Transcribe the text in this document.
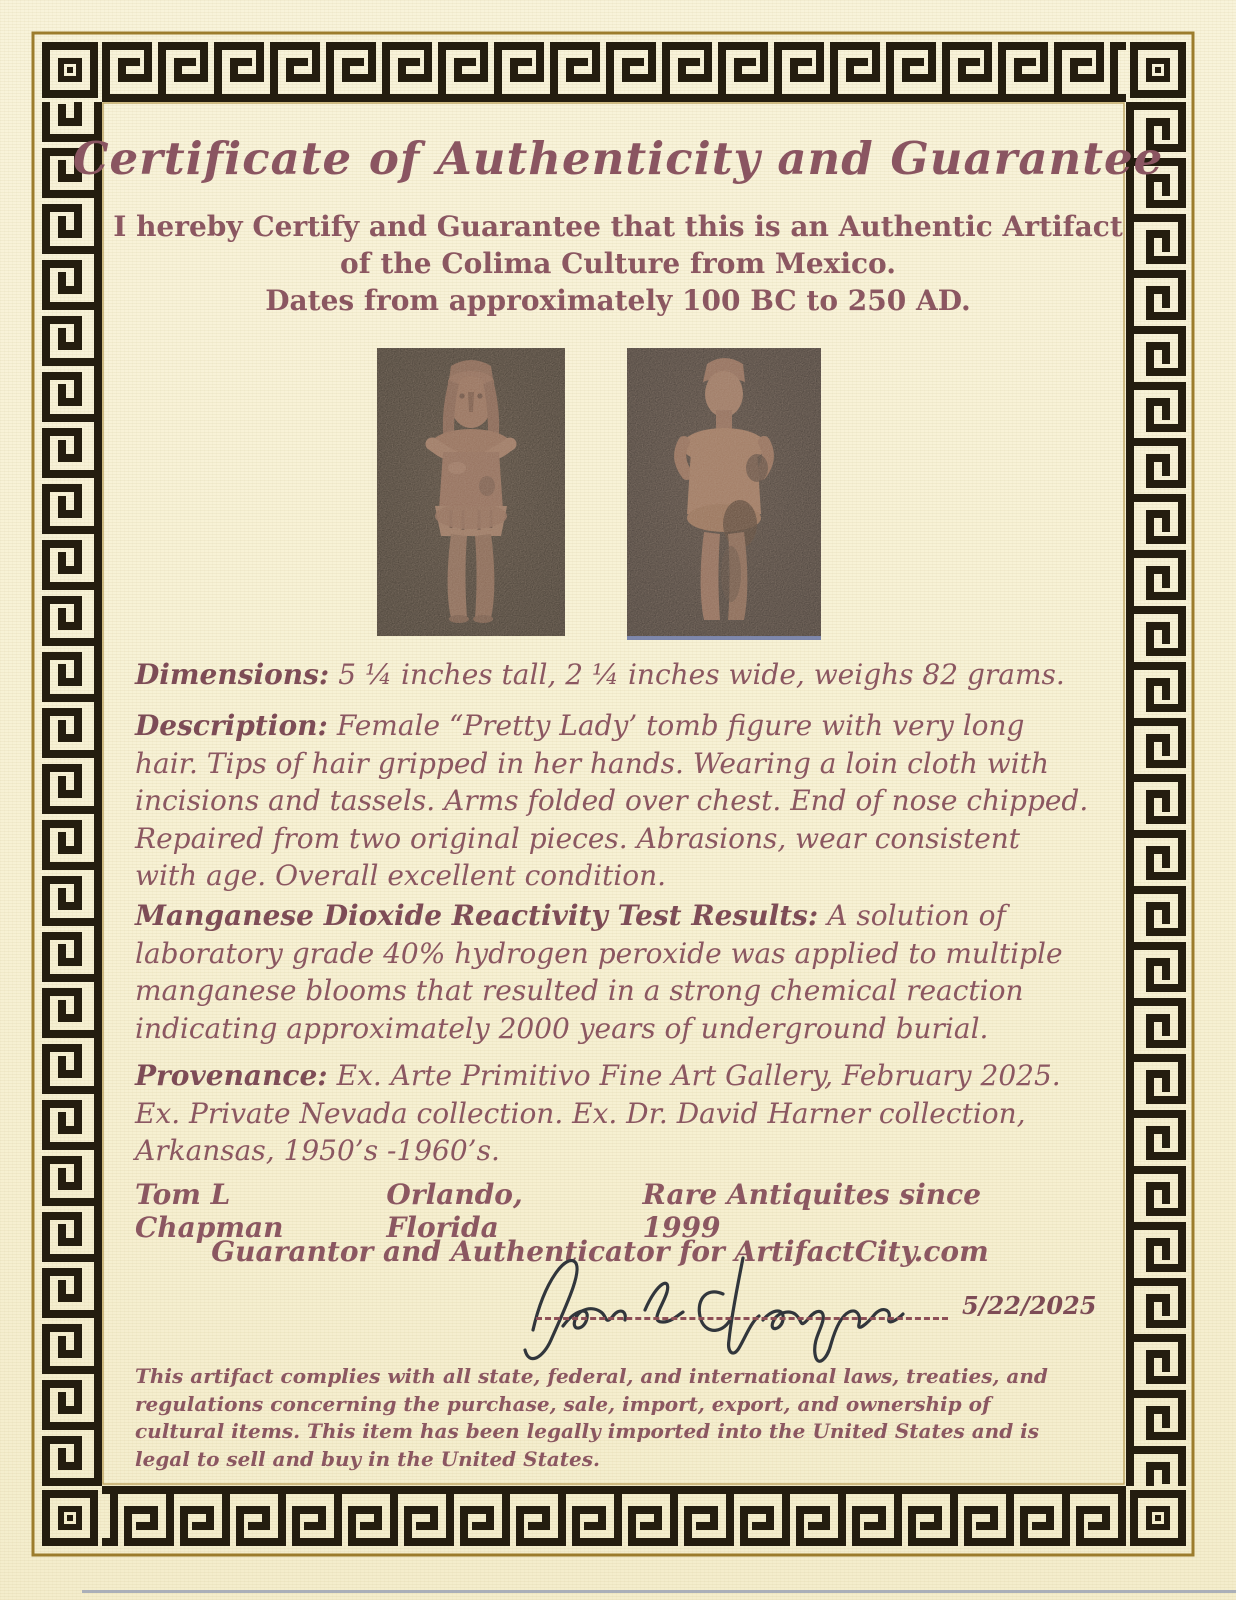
Certificate of Authenticity and Guarantee
I hereby Certify and Guarantee that this is an Authentic Artifact
of the Colima Culture from Mexico.
Dates from approximately 100 BC to 250 AD.
Dimensions: 5 ¼ inches tall, 2 ¼ inches wide, weighs 82 grams.
Description: Female “Pretty Lady’ tomb figure with very long hair. Tips of hair gripped in her hands. Wearing a loin cloth with incisions and tassels. Arms folded over chest. End of nose chipped. Repaired from two original pieces. Abrasions, wear consistent with age. Overall excellent condition.
Manganese Dioxide Reactivity Test Results: A solution of laboratory grade 40% hydrogen peroxide was applied to multiple manganese blooms that resulted in a strong chemical reaction indicating approximately 2000 years of underground burial.
Provenance: Ex. Arte Primitivo Fine Art Gallery, February 2025. Ex. Private Nevada collection. Ex. Dr. David Harner collection, Arkansas, 1950’s -1960’s.
Tom L Chapman
Orlando, Florida
Rare Antiquites since 1999
Guarantor and Authenticator for ArtifactCity.com
5/22/2025
This artifact complies with all state, federal, and international laws, treaties, and regulations concerning the purchase, sale, import, export, and ownership of cultural items. This item has been legally imported into the United States and is legal to sell and buy in the United States.
